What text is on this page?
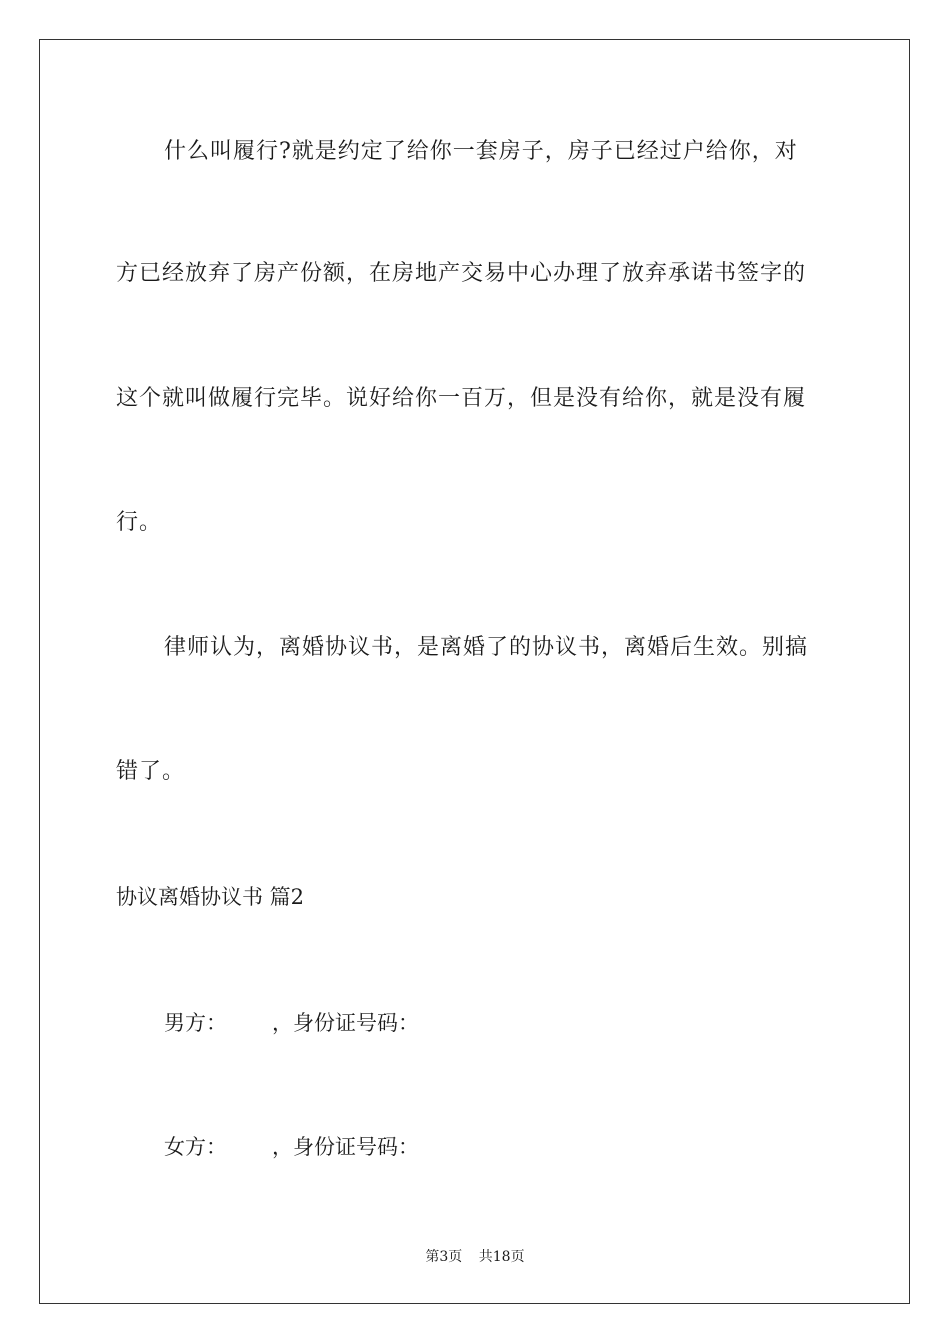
什么叫履行?就是约定了给你一套房子，房子已经过户给你，对
方已经放弃了房产份额，在房地产交易中心办理了放弃承诺书签字的
这个就叫做履行完毕。说好给你一百万，但是没有给你，就是没有履
行。
律师认为，离婚协议书，是离婚了的协议书，离婚后生效。别搞
错了。
协议离婚协议书 篇2
男方： ，身份证号码：
女方： ，身份证号码：
第3页 共18页
